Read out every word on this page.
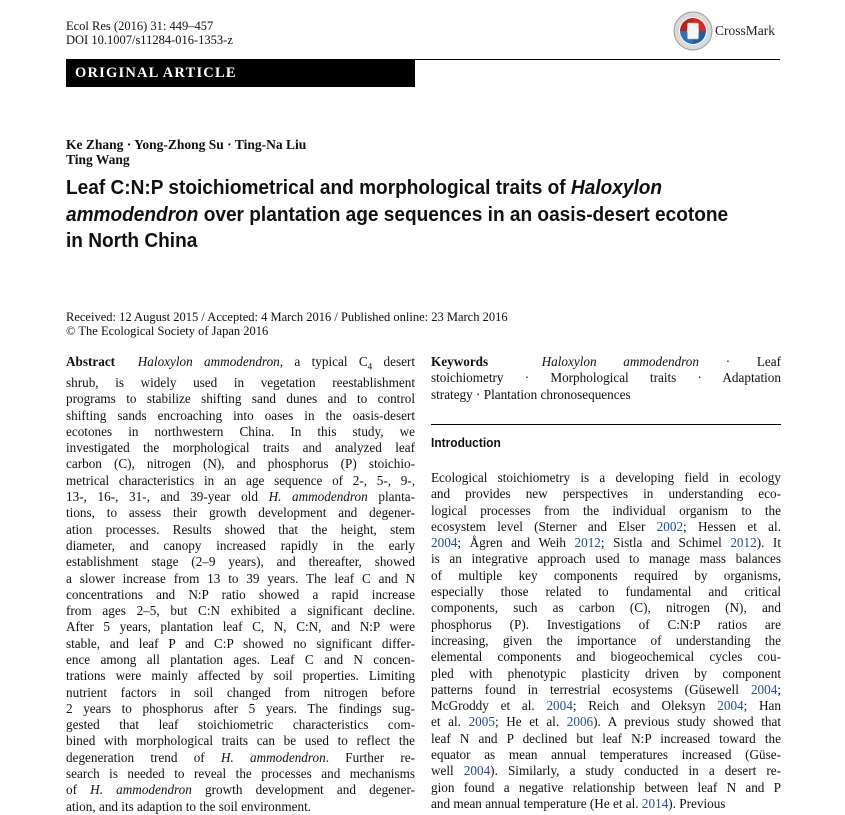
Ecol Res (2016) 31: 449–457
DOI 10.1007/s11284-016-1353-z
CrossMark
ORIGINAL ARTICLE
Ke Zhang · Yong-Zhong Su · Ting-Na Liu
Ting Wang
Leaf C:N:P stoichiometrical and morphological traits of Haloxylon
ammodendron over plantation age sequences in an oasis-desert ecotone
in North China
Received: 12 August 2015 / Accepted: 4 March 2016 / Published online: 23 March 2016
© The Ecological Society of Japan 2016
Abstract Haloxylon ammodendron, a typical $C_4$ desert
shrub, is widely used in vegetation reestablishment
programs to stabilize shifting sand dunes and to control
shifting sands encroaching into oases in the oasis-desert
ecotones in northwestern China. In this study, we
investigated the morphological traits and analyzed leaf
carbon (C), nitrogen (N), and phosphorus (P) stoichio-
metrical characteristics in an age sequence of 2-, 5-, 9-,
13-, 16-, 31-, and 39-year old H. ammodendron planta-
tions, to assess their growth development and degener-
ation processes. Results showed that the height, stem
diameter, and canopy increased rapidly in the early
establishment stage (2–9 years), and thereafter, showed
a slower increase from 13 to 39 years. The leaf C and N
concentrations and N:P ratio showed a rapid increase
from ages 2–5, but C:N exhibited a significant decline.
After 5 years, plantation leaf C, N, C:N, and N:P were
stable, and leaf P and C:P showed no significant differ-
ence among all plantation ages. Leaf C and N concen-
trations were mainly affected by soil properties. Limiting
nutrient factors in soil changed from nitrogen before
2 years to phosphorus after 5 years. The findings sug-
gested that leaf stoichiometric characteristics com-
bined with morphological traits can be used to reflect the
degeneration trend of H. ammodendron. Further re-
search is needed to reveal the processes and mechanisms
of H. ammodendron growth development and degener-
ation, and its adaption to the soil environment.
Keywords	Haloxylon ammodendron · Leaf
stoichiometry · Morphological traits · Adaptation
strategy · Plantation chronosequences
Introduction
Ecological stoichiometry is a developing field in ecology
and provides new perspectives in understanding eco-
logical processes from the individual organism to the
ecosystem level (Sterner and Elser 2002; Hessen et al.
2004; Ågren and Weih 2012; Sistla and Schimel 2012). It
is an integrative approach used to manage mass balances
of multiple key components required by organisms,
especially those related to fundamental and critical
components, such as carbon (C), nitrogen (N), and
phosphorus (P). Investigations of C:N:P ratios are
increasing, given the importance of understanding the
elemental components and biogeochemical cycles cou-
pled with phenotypic plasticity driven by component
patterns found in terrestrial ecosystems (Güsewell 2004;
McGroddy et al. 2004; Reich and Oleksyn 2004; Han
et al. 2005; He et al. 2006). A previous study showed that
leaf N and P declined but leaf N:P increased toward the
equator as mean annual temperatures increased (Güse-
well 2004). Similarly, a study conducted in a desert re-
gion found a negative relationship between leaf N and P
and mean annual temperature (He et al. 2014). Previous
